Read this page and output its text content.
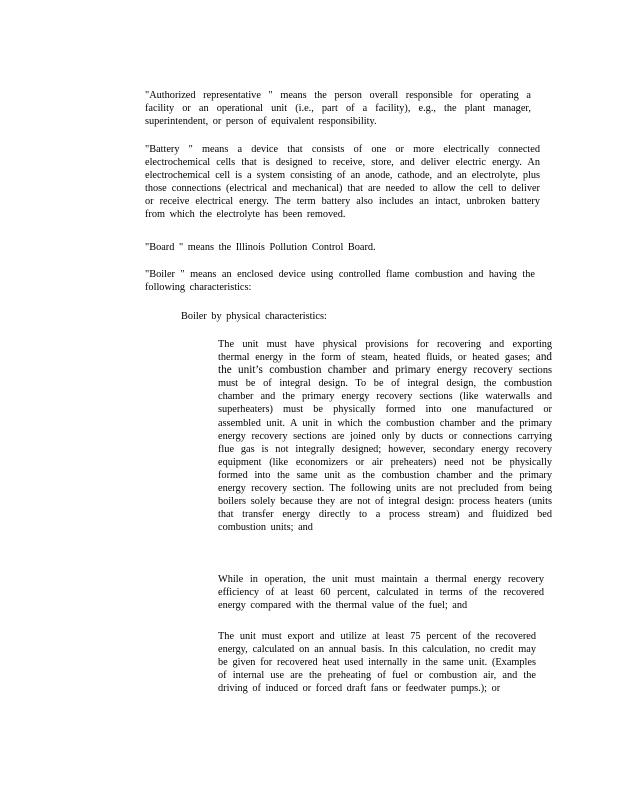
"Authorized representative " means the person overall responsible for operating a facility or an operational unit (i.e., part of a facility), e.g., the plant manager, superintendent, or person of equivalent responsibility.

"Battery " means a device that consists of one or more electrically connected electrochemical cells that is designed to receive, store, and deliver electric energy. An electrochemical cell is a system consisting of an anode, cathode, and an electrolyte, plus those connections (electrical and mechanical) that are needed to allow the cell to deliver or receive electrical energy. The term battery also includes an intact, unbroken battery from which the electrolyte has been removed.

"Board " means the Illinois Pollution Control Board.

"Boiler " means an enclosed device using controlled flame combustion and having the following characteristics:

Boiler by physical characteristics:

The unit must have physical provisions for recovering and exporting thermal energy in the form of steam, heated fluids, or heated gases; and the unit’s combustion chamber and primary energy recovery sections must be of integral design. To be of integral design, the combustion chamber and the primary energy recovery sections (like waterwalls and superheaters) must be physically formed into one manufactured or assembled unit. A unit in which the combustion chamber and the primary energy recovery sections are joined only by ducts or connections carrying flue gas is not integrally designed; however, secondary energy recovery equipment (like economizers or air preheaters) need not be physically formed into the same unit as the combustion chamber and the primary energy recovery section. The following units are not precluded from being boilers solely because they are not of integral design: process heaters (units that transfer energy directly to a process stream) and fluidized bed combustion units; and

While in operation, the unit must maintain a thermal energy recovery efficiency of at least 60 percent, calculated in terms of the recovered energy compared with the thermal value of the fuel; and

The unit must export and utilize at least 75 percent of the recovered energy, calculated on an annual basis. In this calculation, no credit may be given for recovered heat used internally in the same unit. (Examples of internal use are the preheating of fuel or combustion air, and the driving of induced or forced draft fans or feedwater pumps.); or
